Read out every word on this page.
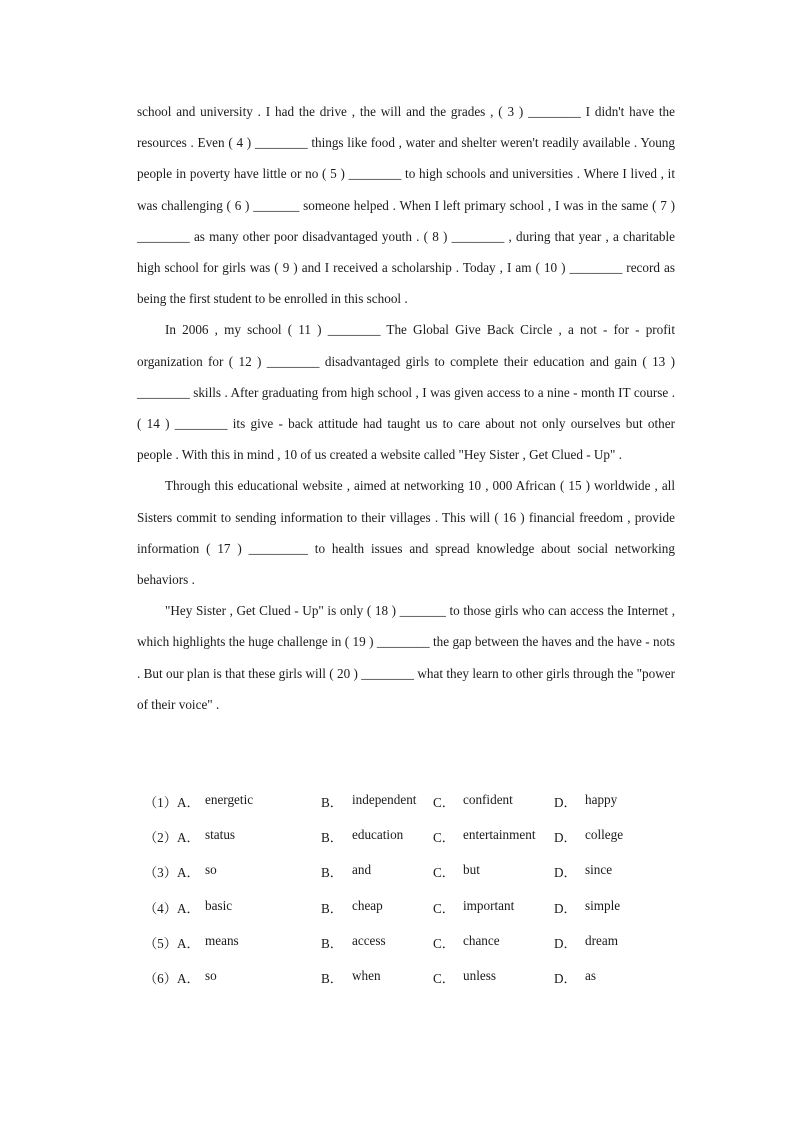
school and university . I had the drive , the will and the grades , ( 3 ) ________ I didn't have the resources . Even ( 4 ) ________ things like food , water and shelter weren't readily available . Young people in poverty have little or no ( 5 ) ________ to high schools and universities . Where I lived , it was challenging ( 6 ) _______ someone helped . When I left primary school , I was in the same ( 7 ) ________ as many other poor disadvantaged youth . ( 8 ) ________ , during that year , a charitable high school for girls was ( 9 ) and I received a scholarship . Today , I am ( 10 ) ________ record as being the first student to be enrolled in this school .

In 2006 , my school ( 11 ) ________ The Global Give Back Circle , a not - for - profit organization for ( 12 ) ________ disadvantaged girls to complete their education and gain ( 13 ) ________ skills . After graduating from high school , I was given access to a nine - month IT course . ( 14 ) ________ its give - back attitude had taught us to care about not only ourselves but other people . With this in mind , 10 of us created a website called "Hey Sister , Get Clued - Up" .

Through this educational website , aimed at networking 10 , 000 African ( 15 ) worldwide , all Sisters commit to sending information to their villages . This will ( 16 ) financial freedom , provide information ( 17 ) _________ to health issues and spread knowledge about social networking behaviors .

"Hey Sister , Get Clued - Up" is only ( 18 ) _______ to those girls who can access the Internet , which highlights the huge challenge in ( 19 ) ________ the gap between the haves and the have - nots . But our plan is that these girls will ( 20 ) ________ what they learn to other girls through the "power of their voice" .

（1）A． energetic	B． independent C． confident	D． happy
（2）A． status	B． education C． entertainment D． college
（3）A． so	B． and	C． but	D． since
（4）A． basic	B． cheap	C． important	D． simple
（5）A． means	B． access	C． chance	D． dream
（6）A． so	B． when	C． unless	D． as
